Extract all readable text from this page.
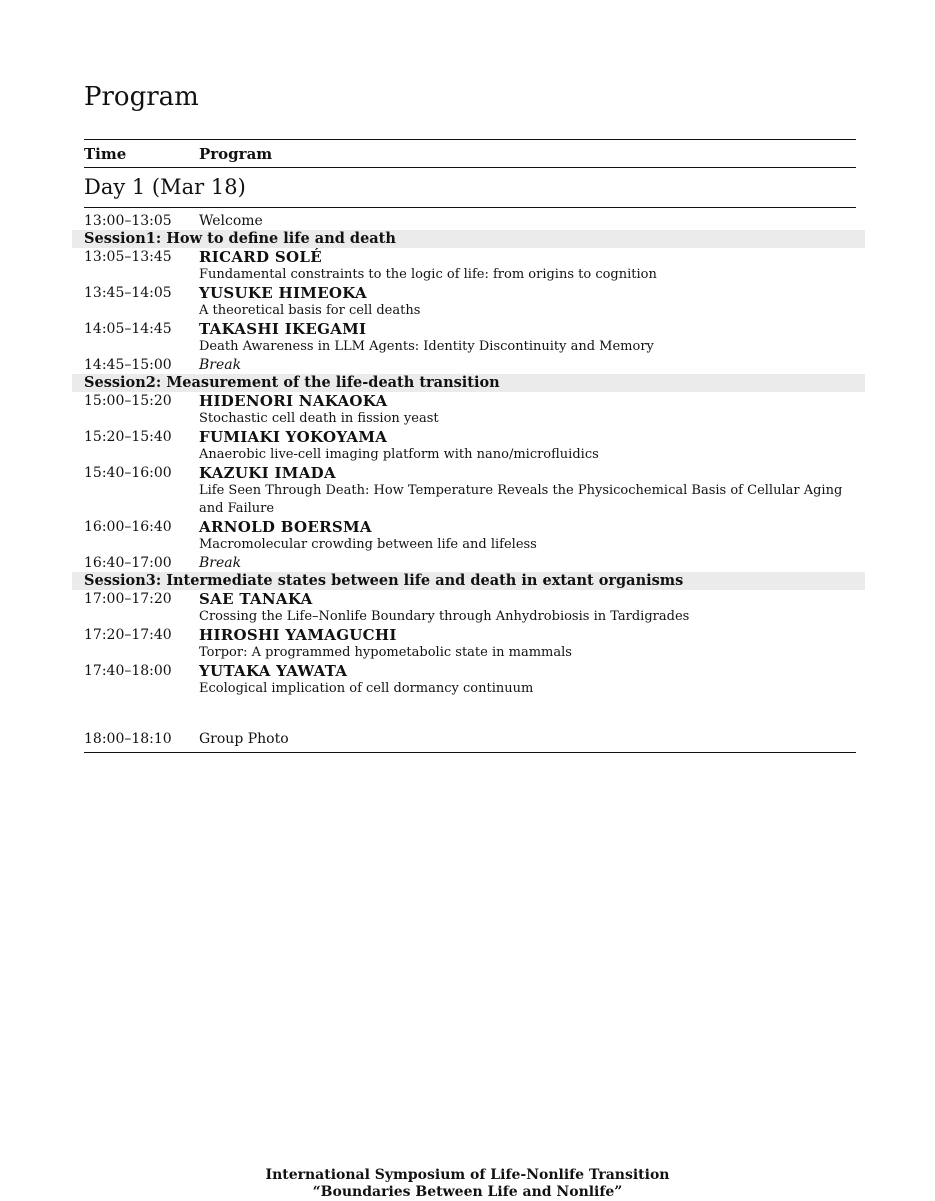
Program
Time	Program
Day 1 (Mar 18)
13:00–13:05	Welcome
Session1: How to define life and death
13:05–13:45	RICARD SOLÉ
Fundamental constraints to the logic of life: from origins to cognition
13:45–14:05	YUSUKE HIMEOKA
A theoretical basis for cell deaths
14:05–14:45	TAKASHI IKEGAMI
Death Awareness in LLM Agents: Identity Discontinuity and Memory
14:45–15:00	Break
Session2: Measurement of the life-death transition
15:00–15:20	HIDENORI NAKAOKA
Stochastic cell death in fission yeast
15:20–15:40	FUMIAKI YOKOYAMA
Anaerobic live-cell imaging platform with nano/microfluidics
15:40–16:00	KAZUKI IMADA
Life Seen Through Death: How Temperature Reveals the Physicochemical Basis of Cellular Aging and Failure
16:00–16:40	ARNOLD BOERSMA
Macromolecular crowding between life and lifeless
16:40–17:00	Break
Session3: Intermediate states between life and death in extant organisms
17:00–17:20	SAE TANAKA
Crossing the Life–Nonlife Boundary through Anhydrobiosis in Tardigrades
17:20–17:40	HIROSHI YAMAGUCHI
Torpor: A programmed hypometabolic state in mammals
17:40–18:00	YUTAKA YAWATA
Ecological implication of cell dormancy continuum
18:00–18:10	Group Photo
International Symposium of Life-Nonlife Transition
“Boundaries Between Life and Nonlife”
